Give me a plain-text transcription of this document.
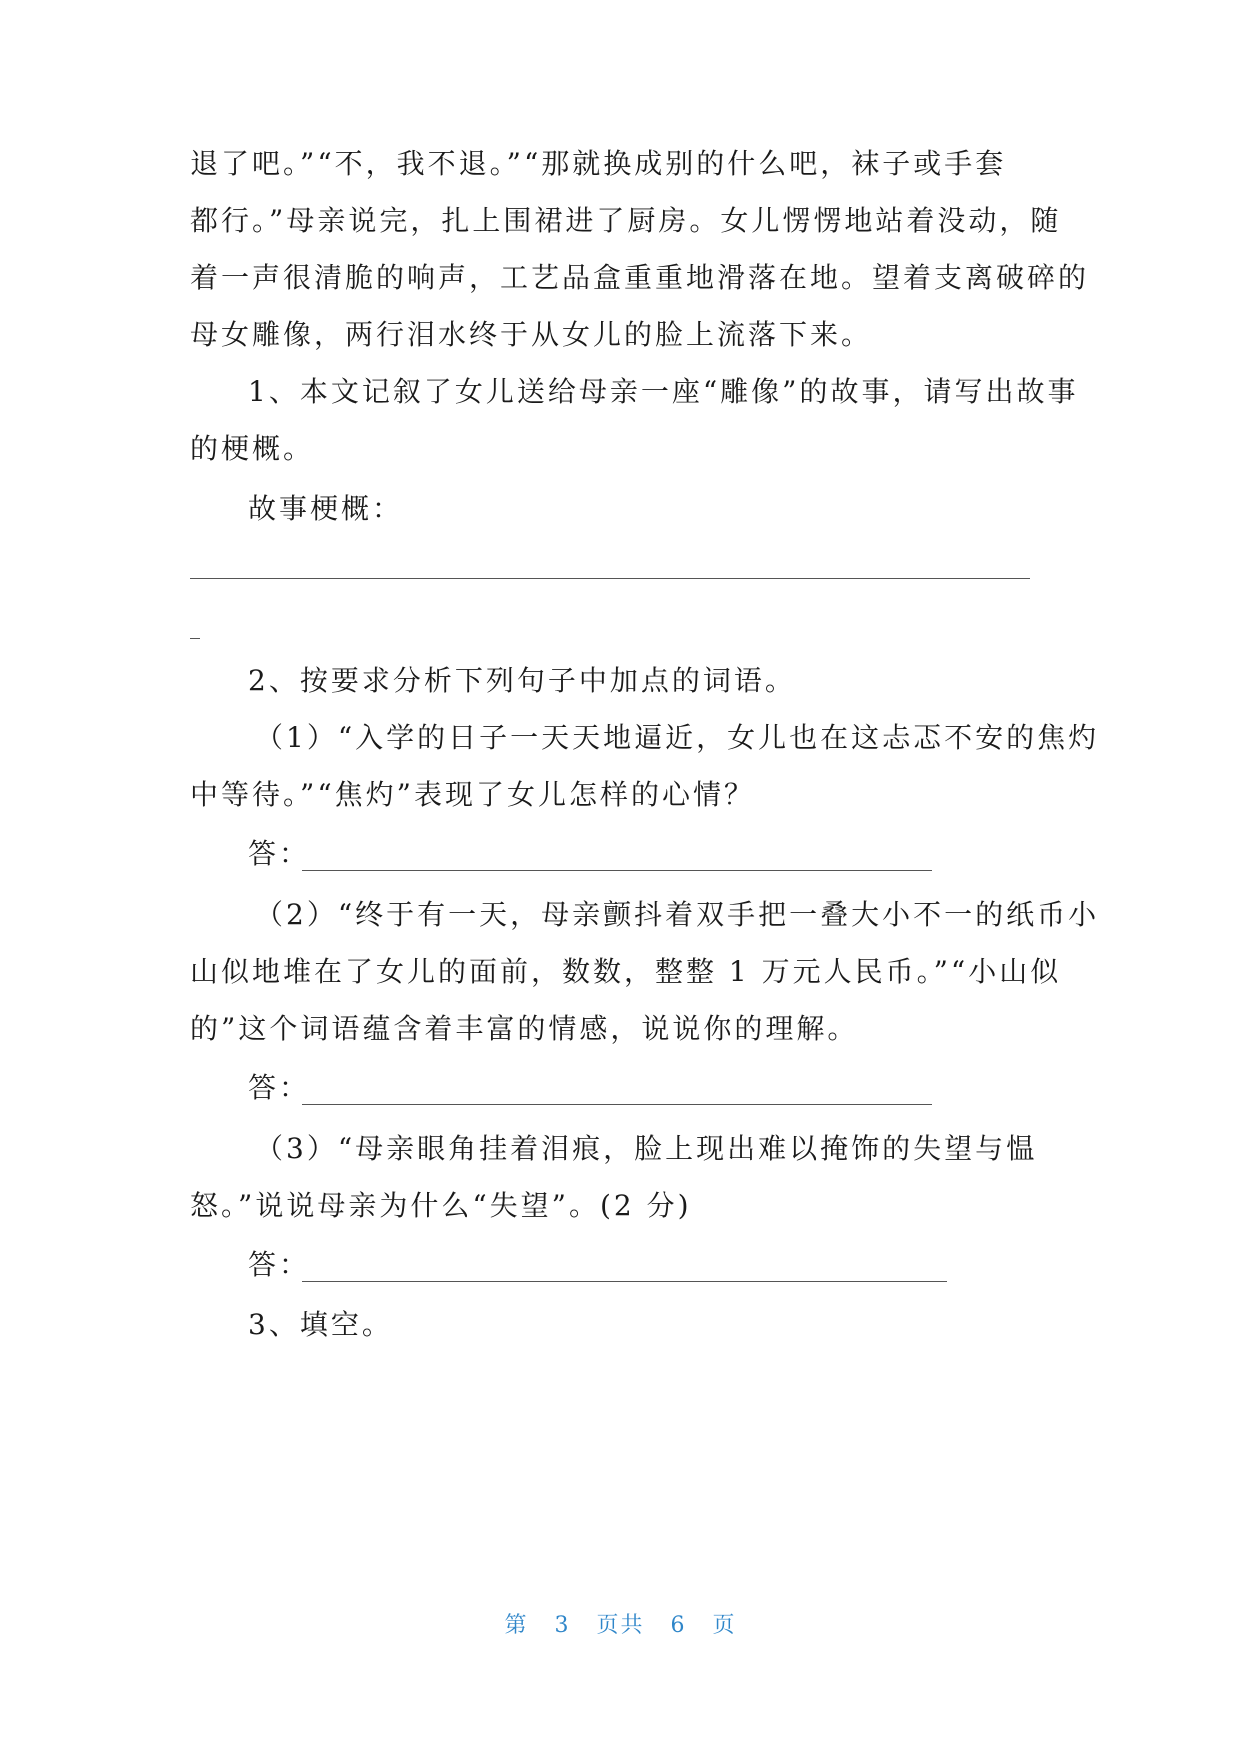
退了吧。”“不，我不退。”“那就换成别的什么吧，袜子或手套
都行。”母亲说完，扎上围裙进了厨房。女儿愣愣地站着没动，随
着一声很清脆的响声，工艺品盒重重地滑落在地。望着支离破碎的
母女雕像，两行泪水终于从女儿的脸上流落下来。
1、本文记叙了女儿送给母亲一座“雕像”的故事，请写出故事
的梗概。
故事梗概：
2、按要求分析下列句子中加点的词语。
（1）“入学的日子一天天地逼近，女儿也在这忐忑不安的焦灼
中等待。”“焦灼”表现了女儿怎样的心情？
答：
（2）“终于有一天，母亲颤抖着双手把一叠大小不一的纸币小
山似地堆在了女儿的面前，数数，整整 1 万元人民币。”“小山似
的”这个词语蕴含着丰富的情感，说说你的理解。
答：
（3）“母亲眼角挂着泪痕，脸上现出难以掩饰的失望与愠
怒。”说说母亲为什么“失望”。(2 分)
答：
3、填空。
第 3 页共 6 页
